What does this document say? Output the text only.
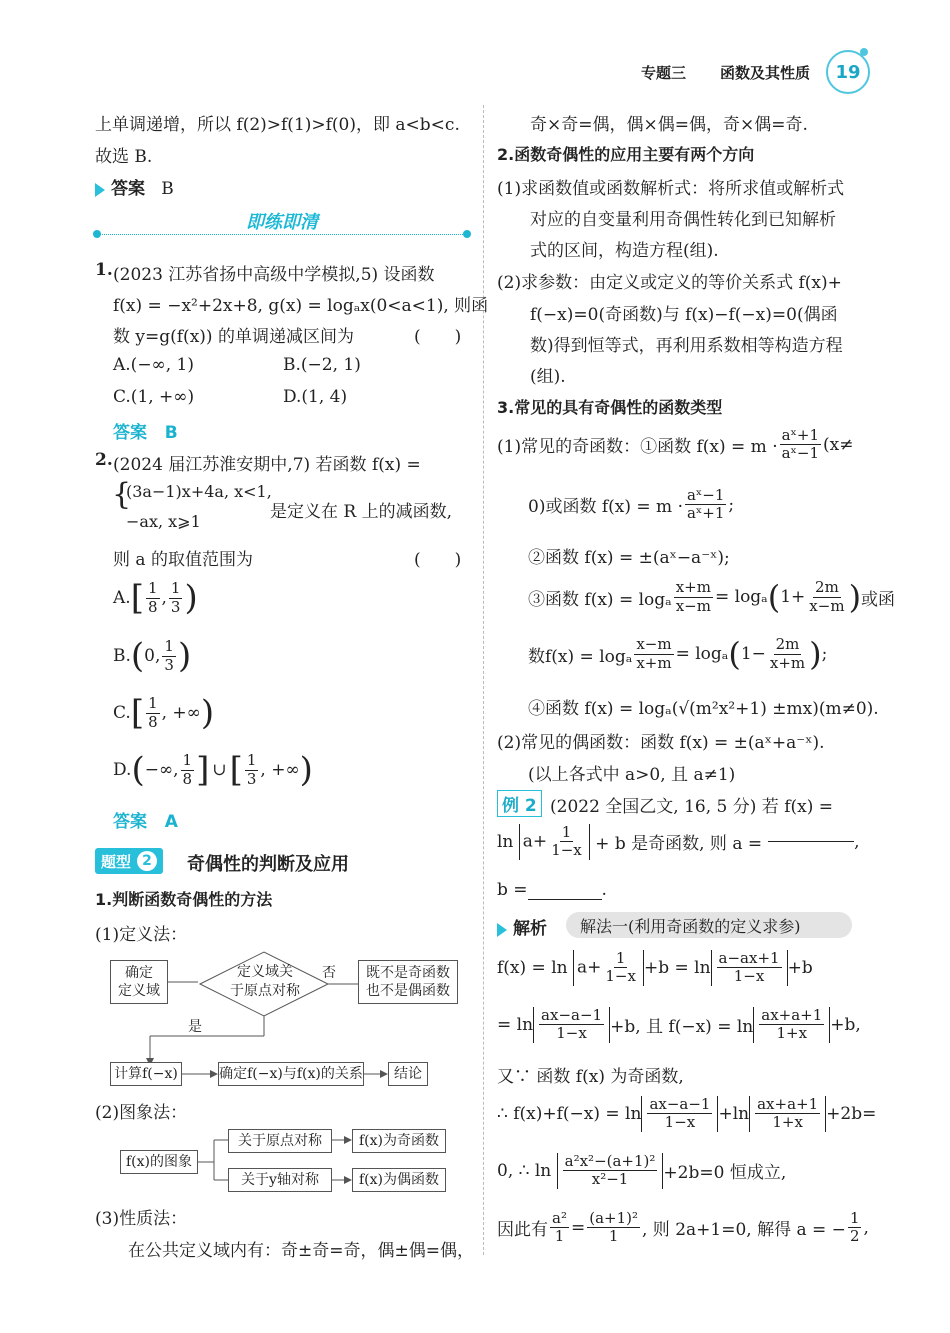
专题三 函数及其性质	19
上单调递增，所以 f(2)>f(1)>f(0)，即 a<b<c.
故选 B.
答案 B
即练即清
1. (2023 江苏省扬中高级中学模拟,5) 设函数
f(x) = −x²+2x+8, g(x) = logₐx(0<a<1), 则函
数 y=g(f(x)) 的单调递减区间为	(　　)
A.(−∞, 1)	B.(−2, 1)
C.(1, +∞)	D.(1, 4)
答案 B
2. (2024 届江苏淮安期中,7) 若函数 f(x) =
{
(3a−1)x+4a, x<1,
−ax, x⩾1	是定义在 R 上的减函数,
则 a 的取值范围为	(　　)
A. [ $\frac{1}{8}$ , $\frac{1}{3}$ )
B. ( 0, $\frac{1}{3}$ )
C. [ $\frac{1}{8}$ , +∞ )
D. ( −∞, $\frac{1}{8}$ ] ∪ [ $\frac{1}{3}$ , +∞ )
答案 A
题型 2 奇偶性的判断及应用
1.判断函数奇偶性的方法
(1)定义法：
确定
定义域
定义域关
于原点对称
否	既不是奇函数
也不是偶函数
是
计算f(−x)	确定f(−x)与f(x)的关系	结论
(2)图象法：
f(x)的图象
关于原点对称	f(x)为奇函数
关于y轴对称	f(x)为偶函数
(3)性质法：
在公共定义域内有：奇±奇=奇，偶±偶=偶，
奇×奇=偶，偶×偶=偶，奇×偶=奇.
2.函数奇偶性的应用主要有两个方向
(1)求函数值或函数解析式：将所求值或解析式
对应的自变量利用奇偶性转化到已知解析
式的区间，构造方程(组).
(2)求参数：由定义或定义的等价关系式 f(x)+
f(−x)=0(奇函数)与 f(x)−f(−x)=0(偶函
数)得到恒等式，再利用系数相等构造方程
(组).
3.常见的具有奇偶性的函数类型
(1)常见的奇函数：①函数 $f(x) = m \cdot \frac{\text{aˣ+1}}{\text{aˣ−1}} (x\ne$
0)或函数 $f(x) = m \cdot \frac{\text{aˣ−1}}{\text{aˣ+1}}$ ;
②函数 f(x) = ±(aˣ−a⁻ˣ);
③函数 f(x) = logₐ $\frac{x+m}{x-m} = \log_a$ ( $1+ \frac{2m}{x-m}$ ) 或函
数f(x) = logₐ $\frac{x-m}{x+m} = \log_a$ ( $1- \frac{2m}{x+m}$ ) ;
④函数 f(x) = logₐ(√(m²x²+1) ±mx)(m≠0).
(2)常见的偶函数：函数 f(x) = ±(aˣ+a⁻ˣ).
(以上各式中 a>0, 且 a≠1)
例 2 (2022 全国乙文, 16, 5 分) 若 f(x) =
ln
$a+ \frac{1}{1-x}$
+ b 是奇函数, 则 a =	,
b =	.
解析	解法一(利用奇函数的定义求参)
f(x) = ln
$a+ \frac{1}{1-x} +b = \ln \frac{a-ax+1}{1-x} +b$
= $\ln \frac{ax-a-1}{1-x} +b$, 且 $f(-x) = \ln \frac{ax+a+1}{1+x} +b$,
又∵ 函数 f(x) 为奇函数,
∴ $f(x)+f(-x) = \ln \frac{ax-a-1}{1-x} +\ln \frac{ax+a+1}{1+x} +2b=$
0, ∴ ln
$\frac{\text{a²x²−(a+1)²}}{\text{x²−1}} +2b=0$ 恒成立,
因此有 $\frac{\text{a²}}{1} = \frac{\text{(a+1)²}}{1}$ , 则 2a+1=0, 解得 a = − $\frac{1}{2}$ ,
